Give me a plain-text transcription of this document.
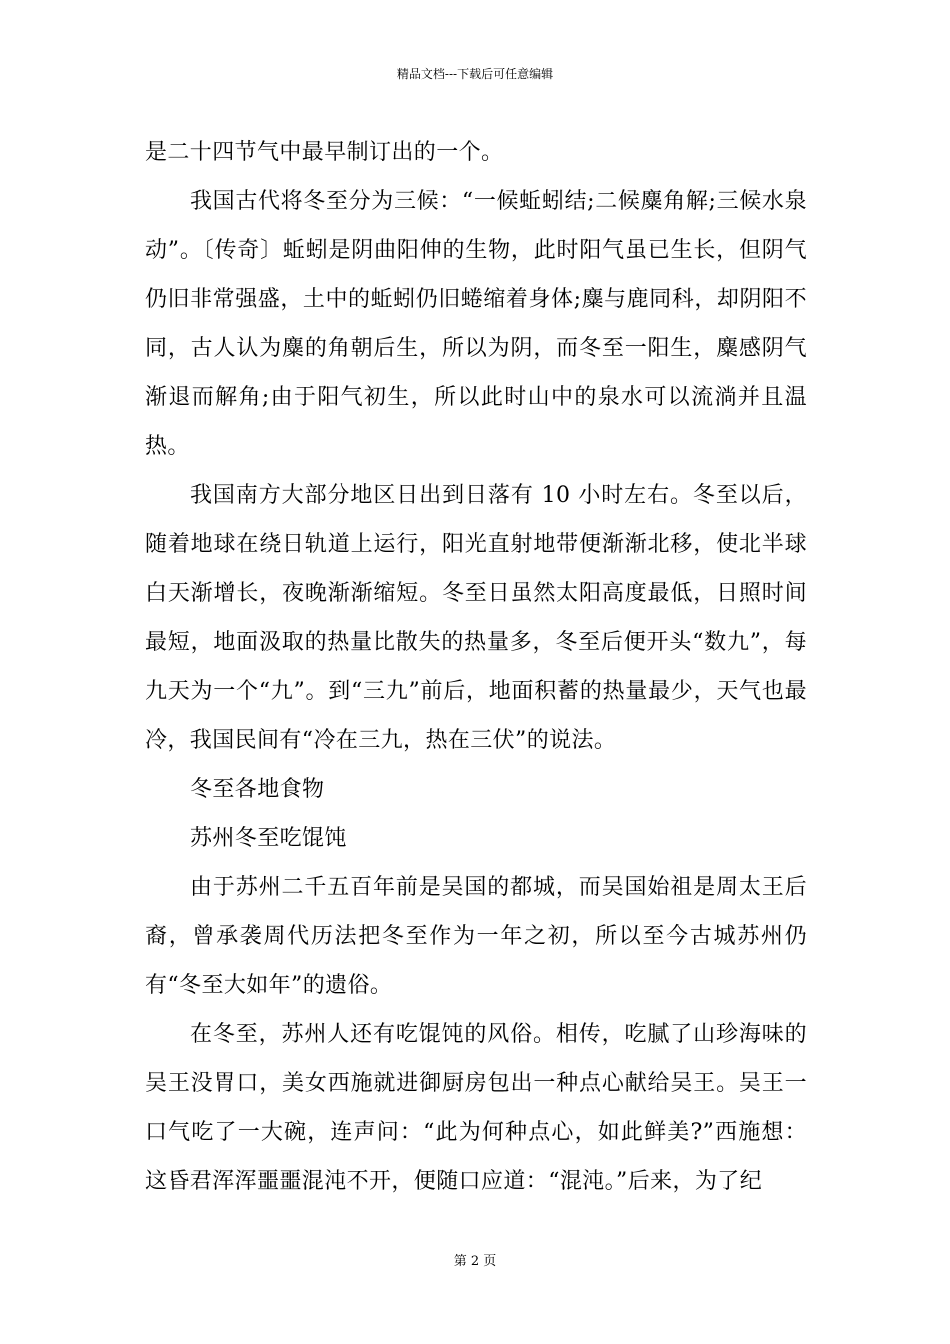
精品文档---下载后可任意编辑

是二十四节气中最早制订出的一个。

我国古代将冬至分为三候：“一候蚯蚓结;二候麋角解;三候水泉动”。〔传奇〕蚯蚓是阴曲阳伸的生物，此时阳气虽已生长，但阴气仍旧非常强盛，土中的蚯蚓仍旧蜷缩着身体;麋与鹿同科，却阴阳不同，古人认为麋的角朝后生，所以为阴，而冬至一阳生，麋感阴气渐退而解角;由于阳气初生，所以此时山中的泉水可以流淌并且温热。

我国南方大部分地区日出到日落有 10 小时左右。冬至以后，随着地球在绕日轨道上运行，阳光直射地带便渐渐北移，使北半球白天渐增长，夜晚渐渐缩短。冬至日虽然太阳高度最低，日照时间最短，地面汲取的热量比散失的热量多，冬至后便开头“数九”，每九天为一个“九”。到“三九”前后，地面积蓄的热量最少，天气也最冷，我国民间有“冷在三九，热在三伏”的说法。

冬至各地食物

苏州冬至吃馄饨

由于苏州二千五百年前是吴国的都城，而吴国始祖是周太王后裔，曾承袭周代历法把冬至作为一年之初，所以至今古城苏州仍有“冬至大如年”的遗俗。

在冬至，苏州人还有吃馄饨的风俗。相传，吃腻了山珍海味的吴王没胃口，美女西施就进御厨房包出一种点心献给吴王。吴王一口气吃了一大碗，连声问：“此为何种点心，如此鲜美?”西施想：这昏君浑浑噩噩混沌不开，便随口应道：“混沌。”后来，为了纪

第 2 页
